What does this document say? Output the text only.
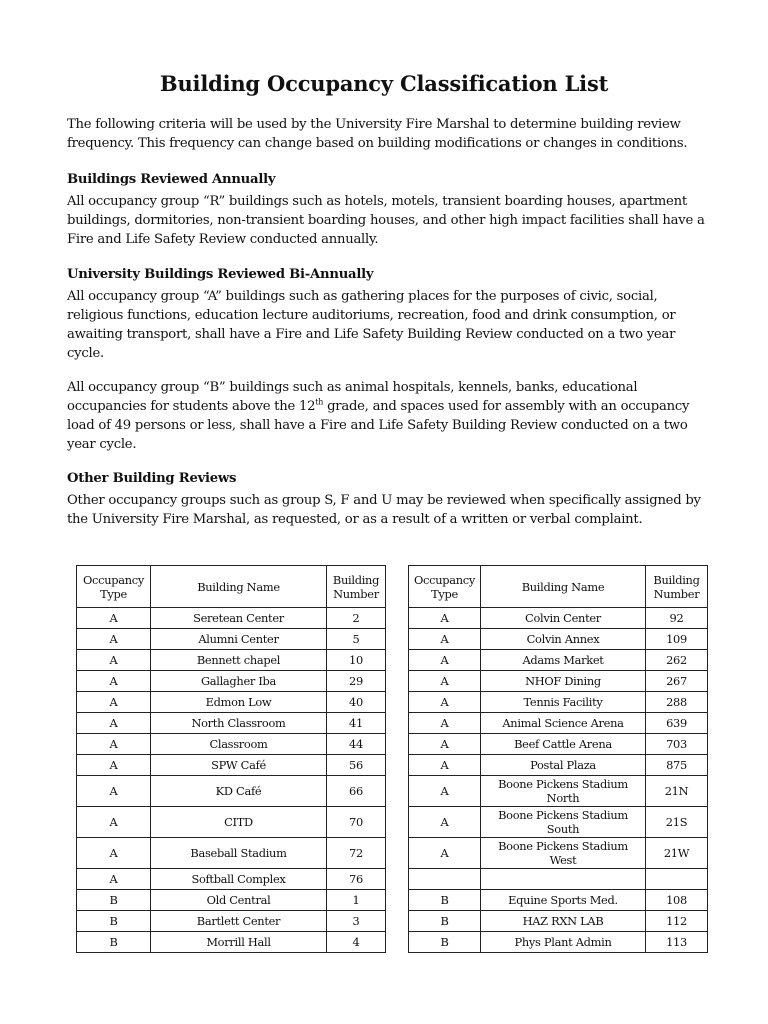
Building Occupancy Classification List

The following criteria will be used by the University Fire Marshal to determine building review
frequency. This frequency can change based on building modifications or changes in conditions.

Buildings Reviewed Annually

All occupancy group “R” buildings such as hotels, motels, transient boarding houses, apartment
buildings, dormitories, non-transient boarding houses, and other high impact facilities shall have a
Fire and Life Safety Review conducted annually.

University Buildings Reviewed Bi-Annually

All occupancy group “A” buildings such as gathering places for the purposes of civic, social,
religious functions, education lecture auditoriums, recreation, food and drink consumption, or
awaiting transport, shall have a Fire and Life Safety Building Review conducted on a two year
cycle.

All occupancy group “B” buildings such as animal hospitals, kennels, banks, educational
occupancies for students above the 12th grade, and spaces used for assembly with an occupancy
load of 49 persons or less, shall have a Fire and Life Safety Building Review conducted on a two
year cycle.

Other Building Reviews

Other occupancy groups such as group S, F and U may be reviewed when specifically assigned by
the University Fire Marshal, as requested, or as a result of a written or verbal complaint.

Occupancy
Type	Building Name	Building
Number
A	Seretean Center	2
A	Alumni Center	5
A	Bennett chapel	10
A	Gallagher Iba	29
A	Edmon Low	40
A	North Classroom	41
A	Classroom	44
A	SPW Café	56
A	KD Café	66
A	CITD	70
A	Baseball Stadium	72
A	Softball Complex	76
B	Old Central	1
B	Bartlett Center	3
B	Morrill Hall	4
Occupancy
Type	Building Name	Building
Number
A	Colvin Center	92
A	Colvin Annex	109
A	Adams Market	262
A	NHOF Dining	267
A	Tennis Facility	288
A	Animal Science Arena	639
A	Beef Cattle Arena	703
A	Postal Plaza	875
A	Boone Pickens Stadium
North	21N
A	Boone Pickens Stadium
South	21S
A	Boone Pickens Stadium
West	21W

B	Equine Sports Med.	108
B	HAZ RXN LAB	112
B	Phys Plant Admin	113
